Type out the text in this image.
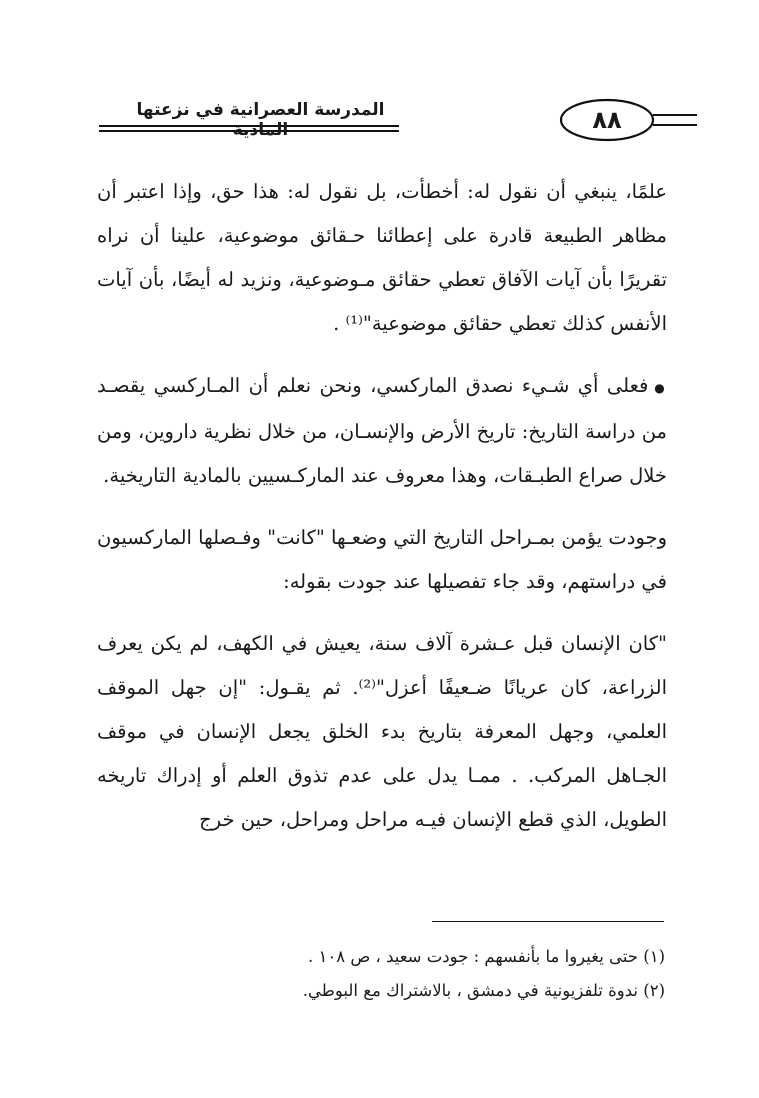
المدرسة العصرانية في نزعتها المادية	٨٨

علمًا، ينبغي أن نقول له: أخطأت، بل نقول له: هذا حق، وإذا اعتبر أن مظاهر الطبيعة قادرة على إعطائنا حـقائق موضوعية، علينا أن نراه تقريرًا بأن آيات الآفاق تعطي حقائق مـوضوعية، ونزيد له أيضًا، بأن آيات الأنفس كذلك تعطي حقائق موضوعية"⁽¹⁾ .

● فعلى أي شـيء نصدق الماركسي، ونحن نعلم أن المـاركسي يقصـد من دراسة التاريخ: تاريخ الأرض والإنسـان، من خلال نظرية داروين، ومن خلال صراع الطبـقات، وهذا معروف عند الماركـسيين بالمادية التاريخية.

وجودت يؤمن بمـراحل التاريخ التي وضعـها "كانت" وفـصلها الماركسيون في دراستهم، وقد جاء تفصيلها عند جودت بقوله:

"كان الإنسان قبل عـشرة آلاف سنة، يعيش في الكهف، لم يكن يعرف الزراعة، كان عريانًا ضـعيفًا أعزل"⁽²⁾. ثم يقـول: "إن جهل الموقف العلمي، وجهل المعرفة بتاريخ بدء الخلق يجعل الإنسان في موقف الجـاهل المركب. . ممـا يدل على عدم تذوق العلم أو إدراك تاريخه الطويل، الذي قطع الإنسان فيـه مراحل ومراحل، حين خرج

(١) حتى يغيروا ما بأنفسهم : جودت سعيد ، ص ١٠٨ .
(٢) ندوة تلفزيونية في دمشق ، بالاشتراك مع البوطي.
